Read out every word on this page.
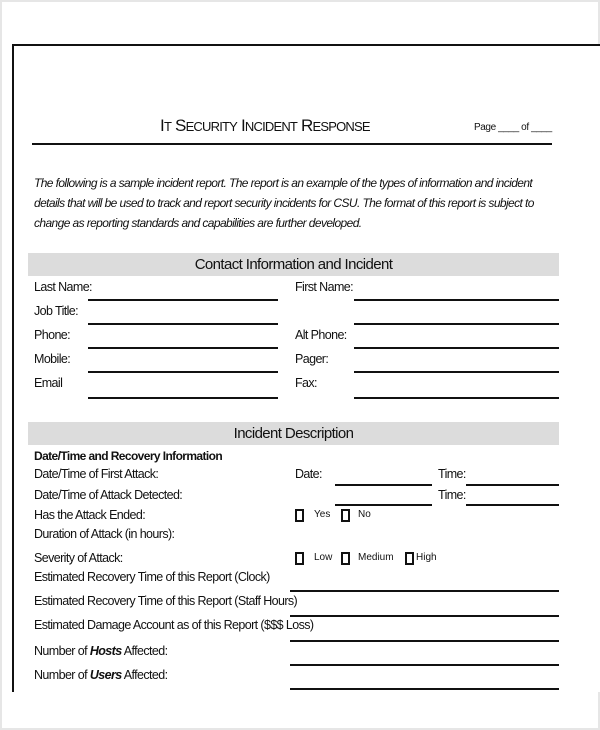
IT SECURITY INCIDENT RESPONSE	Page ____ of ____
The following is a sample incident report. The report is an example of the types of information and incident details that will be used to track and report security incidents for CSU. The format of this report is subject to change as reporting standards and capabilities are further developed.
Contact Information and Incident
Last Name:	First Name:
Job Title:
Phone:	Alt Phone:
Mobile:	Pager:
Email	Fax:
Incident Description
Date/Time and Recovery Information
Date/Time of First Attack:	Date:	Time:
Date/Time of Attack Detected:	Time:
Has the Attack Ended:	Yes	No
Duration of Attack (in hours):
Severity of Attack:	Low	Medium High
Estimated Recovery Time of this Report (Clock)
Estimated Recovery Time of this Report (Staff Hours)
Estimated Damage Account as of this Report ($$$ Loss)
Number of Hosts Affected:
Number of Users Affected:
